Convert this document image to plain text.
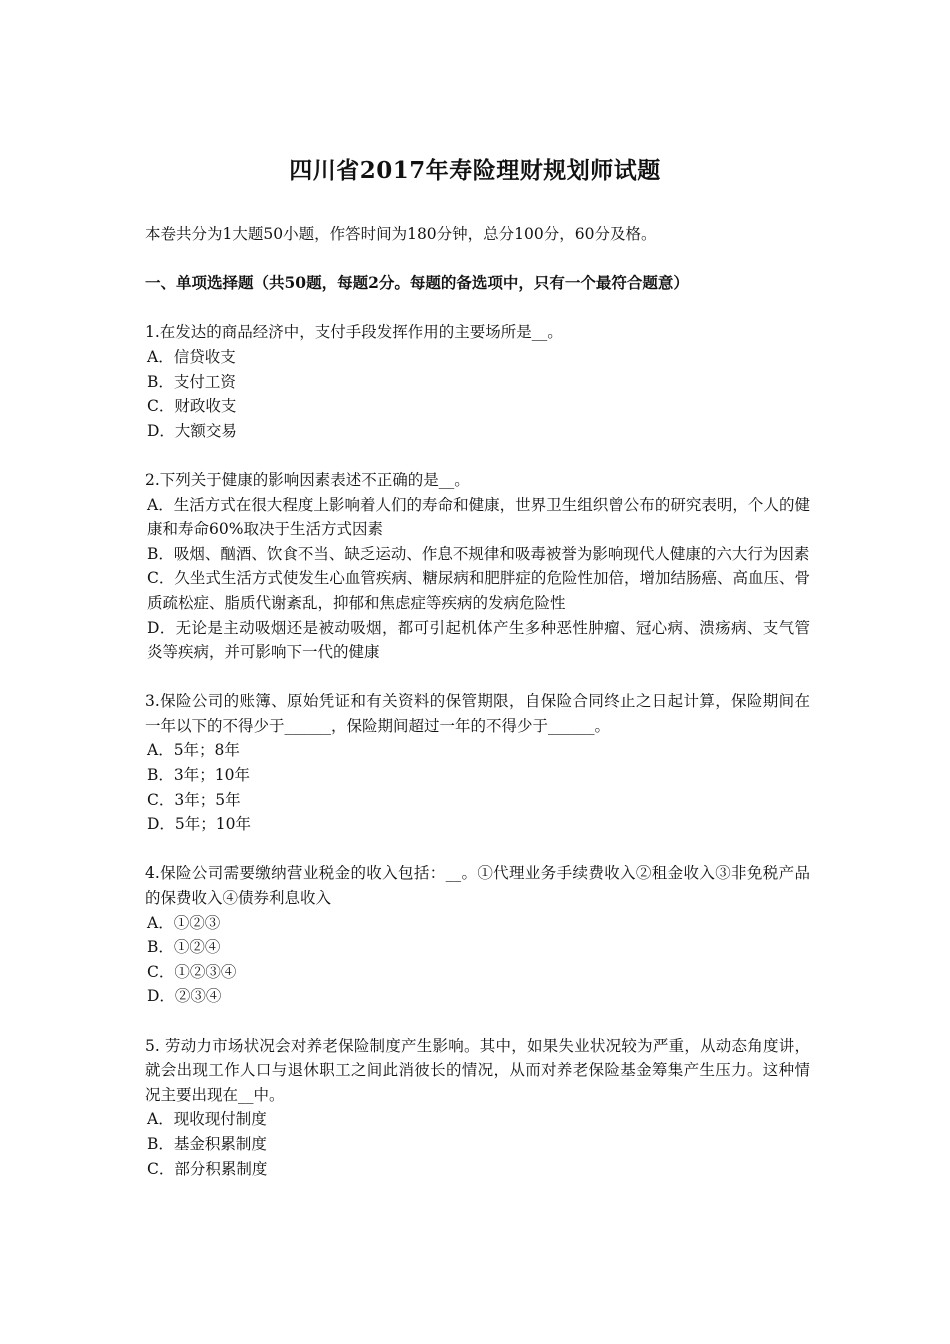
四川省2017年寿险理财规划师试题

本卷共分为1大题50小题，作答时间为180分钟，总分100分，60分及格。

一、单项选择题（共50题，每题2分。每题的备选项中，只有一个最符合题意）

1.在发达的商品经济中，支付手段发挥作用的主要场所是__。

A．信贷收支

B．支付工资

C．财政收支

D．大额交易

2.下列关于健康的影响因素表述不正确的是__。

A．生活方式在很大程度上影响着人们的寿命和健康，世界卫生组织曾公布的研究表明，个人的健康和寿命60%取决于生活方式因素

B．吸烟、酗酒、饮食不当、缺乏运动、作息不规律和吸毒被誉为影响现代人健康的六大行为因素

C．久坐式生活方式使发生心血管疾病、糖尿病和肥胖症的危险性加倍，增加结肠癌、高血压、骨质疏松症、脂质代谢紊乱，抑郁和焦虑症等疾病的发病危险性

D．无论是主动吸烟还是被动吸烟，都可引起机体产生多种恶性肿瘤、冠心病、溃疡病、支气管炎等疾病，并可影响下一代的健康

3.保险公司的账簿、原始凭证和有关资料的保管期限，自保险合同终止之日起计算，保险期间在一年以下的不得少于______，保险期间超过一年的不得少于______。

A．5年；8年

B．3年；10年

C．3年；5年

D．5年；10年

4.保险公司需要缴纳营业税金的收入包括：__。①代理业务手续费收入②租金收入③非免税产品的保费收入④债券利息收入

A．①②③

B．①②④

C．①②③④

D．②③④

5. 劳动力市场状况会对养老保险制度产生影响。其中，如果失业状况较为严重，从动态角度讲，就会出现工作人口与退休职工之间此消彼长的情况，从而对养老保险基金筹集产生压力。这种情况主要出现在__中。

A．现收现付制度

B．基金积累制度

C．部分积累制度
